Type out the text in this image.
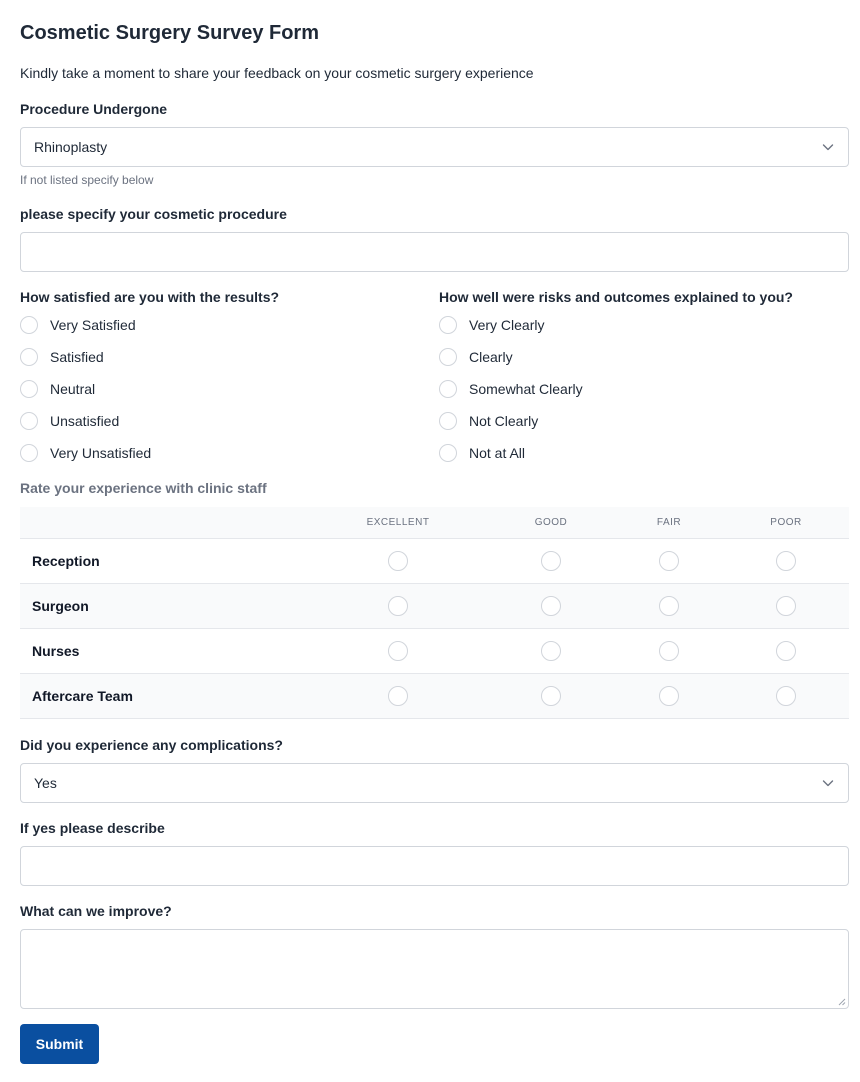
Cosmetic Surgery Survey Form
Kindly take a moment to share your feedback on your cosmetic surgery experience
Procedure Undergone
Rhinoplasty
If not listed specify below
please specify your cosmetic procedure
How satisfied are you with the results?
Very Satisfied
Satisfied
Neutral
Unsatisfied
Very Unsatisfied
How well were risks and outcomes explained to you?
Very Clearly
Clearly
Somewhat Clearly
Not Clearly
Not at All
Rate your experience with clinic staff
EXCELLENT	GOOD	FAIR	POOR
Reception
Surgeon
Nurses
Aftercare Team
Did you experience any complications?
Yes
If yes please describe
What can we improve?
Submit
